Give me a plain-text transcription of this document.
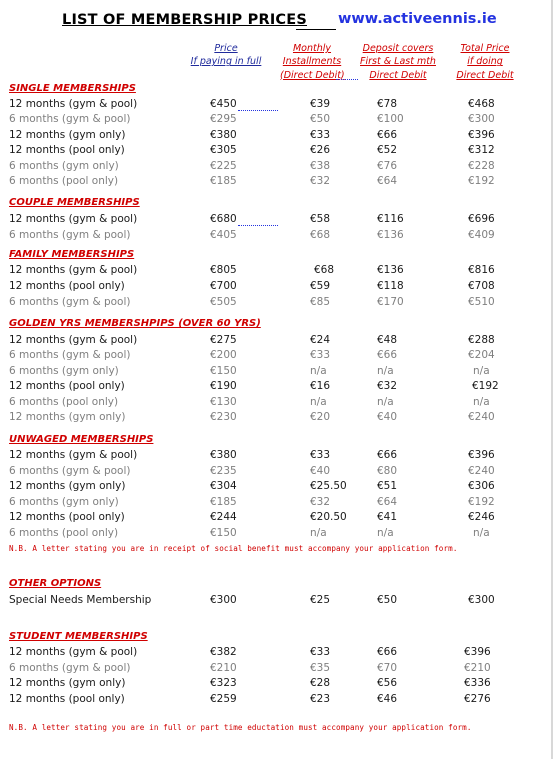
LIST OF MEMBERSHIP PRICES www.activeennis.ie
Price
If paying in full
Monthly
Installments
(Direct Debit)
Deposit covers
First & Last mth
Direct Debit
Total Price
if doing
Direct Debit
SINGLE MEMBERSHIPS
12 months (gym & pool)	€450	€39	€78	€468
6 months (gym & pool)	€295	€50	€100	€300
12 months (gym only)	€380	€33	€66	€396
12 months (pool only)	€305	€26	€52	€312
6 months (gym only)	€225	€38	€76	€228
6 months (pool only)	€185	€32	€64	€192
COUPLE MEMBERSHIPS
12 months (gym & pool)	€680	€58	€116	€696
6 months (gym & pool)	€405	€68	€136	€409
FAMILY MEMBERSHIPS
12 months (gym & pool)	€805	€68	€136	€816
12 months (pool only)	€700	€59	€118	€708
6 months (gym & pool)	€505	€85	€170	€510
GOLDEN YRS MEMBERSHPIPS (OVER 60 YRS)
12 months (gym & pool)	€275	€24	€48	€288
6 months (gym & pool)	€200	€33	€66	€204
6 months (gym only)	€150	n/a	n/a	n/a
12 months (pool only)	€190	€16	€32	€192
6 months (pool only)	€130	n/a	n/a	n/a
12 months (gym only)	€230	€20	€40	€240
UNWAGED MEMBERSHIPS
12 months (gym & pool)	€380	€33	€66	€396
6 months (gym & pool)	€235	€40	€80	€240
12 months (gym only)	€304	€25.50	€51	€306
6 months (gym only)	€185	€32	€64	€192
12 months (pool only)	€244	€20.50	€41	€246
6 months (pool only)	€150	n/a	n/a	n/a
N.B. A letter stating you are in receipt of social benefit must accompany your application form.
OTHER OPTIONS
Special Needs Membership	€300	€25	€50	€300
STUDENT MEMBERSHIPS
12 months (gym & pool)	€382	€33	€66	€396
6 months (gym & pool)	€210	€35	€70	€210
12 months (gym only)	€323	€28	€56	€336
12 months (pool only)	€259	€23	€46	€276
N.B. A letter stating you are in full or part time eductation must accompany your application form.
